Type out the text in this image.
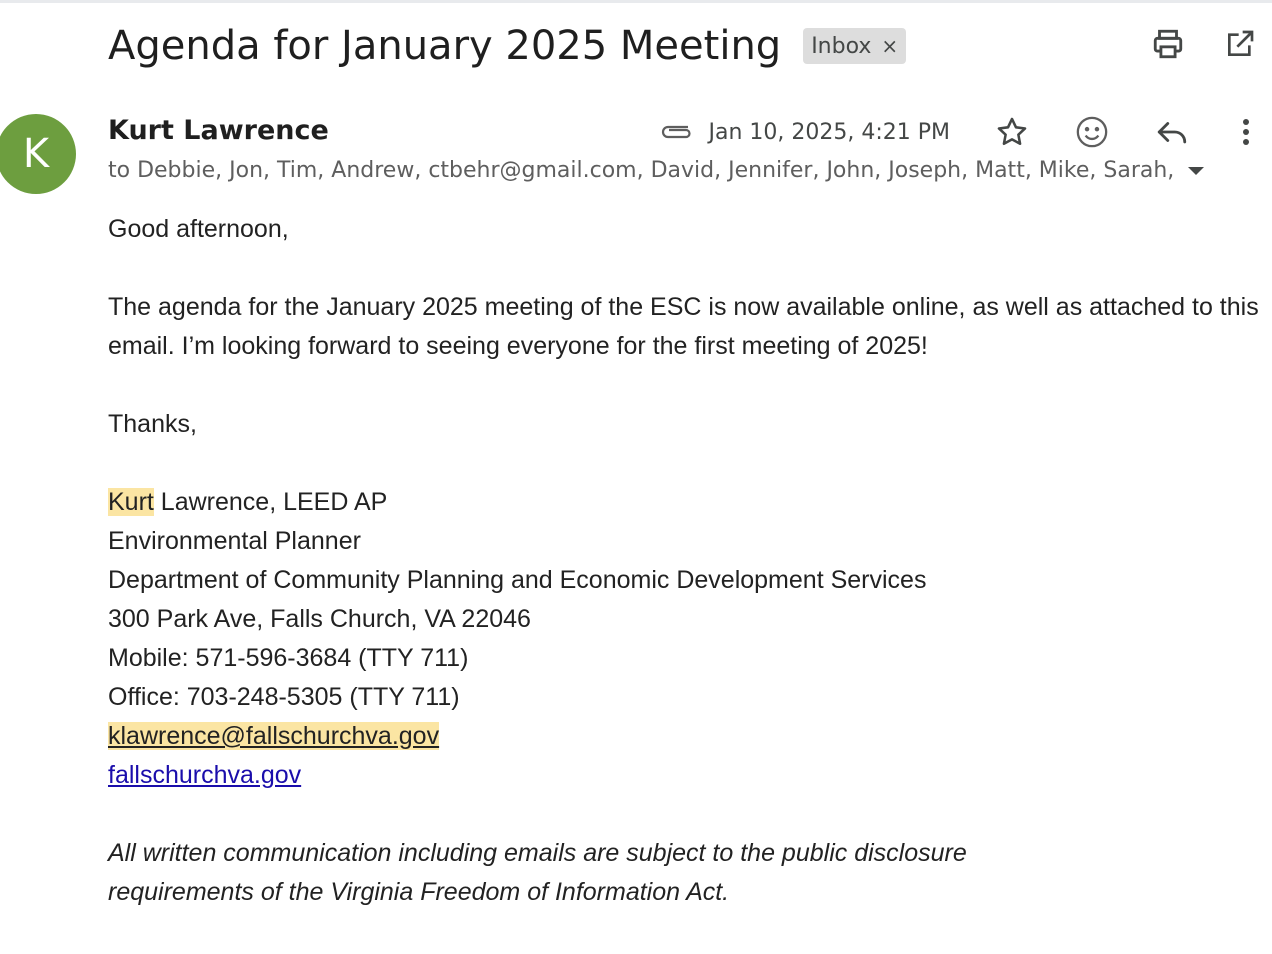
Agenda for January 2025 Meeting Inbox ×
K
Kurt Lawrence
to Debbie, Jon, Tim, Andrew, ctbehr@gmail.com, David, Jennifer, John, Joseph, Matt, Mike, Sarah,
Jan 10, 2025, 4:21 PM

Good afternoon,

The agenda for the January 2025 meeting of the ESC is now available online, as well as attached to this email. I’m looking forward to seeing everyone for the first meeting of 2025!

Thanks,

Kurt Lawrence, LEED AP

Environmental Planner

Department of Community Planning and Economic Development Services

300 Park Ave, Falls Church, VA 22046

Mobile: 571-596-3684 (TTY 711)

Office: 703-248-5305 (TTY 711)

klawrence@fallschurchva.gov

fallschurchva.gov

All written communication including emails are subject to the public disclosure

requirements of the Virginia Freedom of Information Act.
